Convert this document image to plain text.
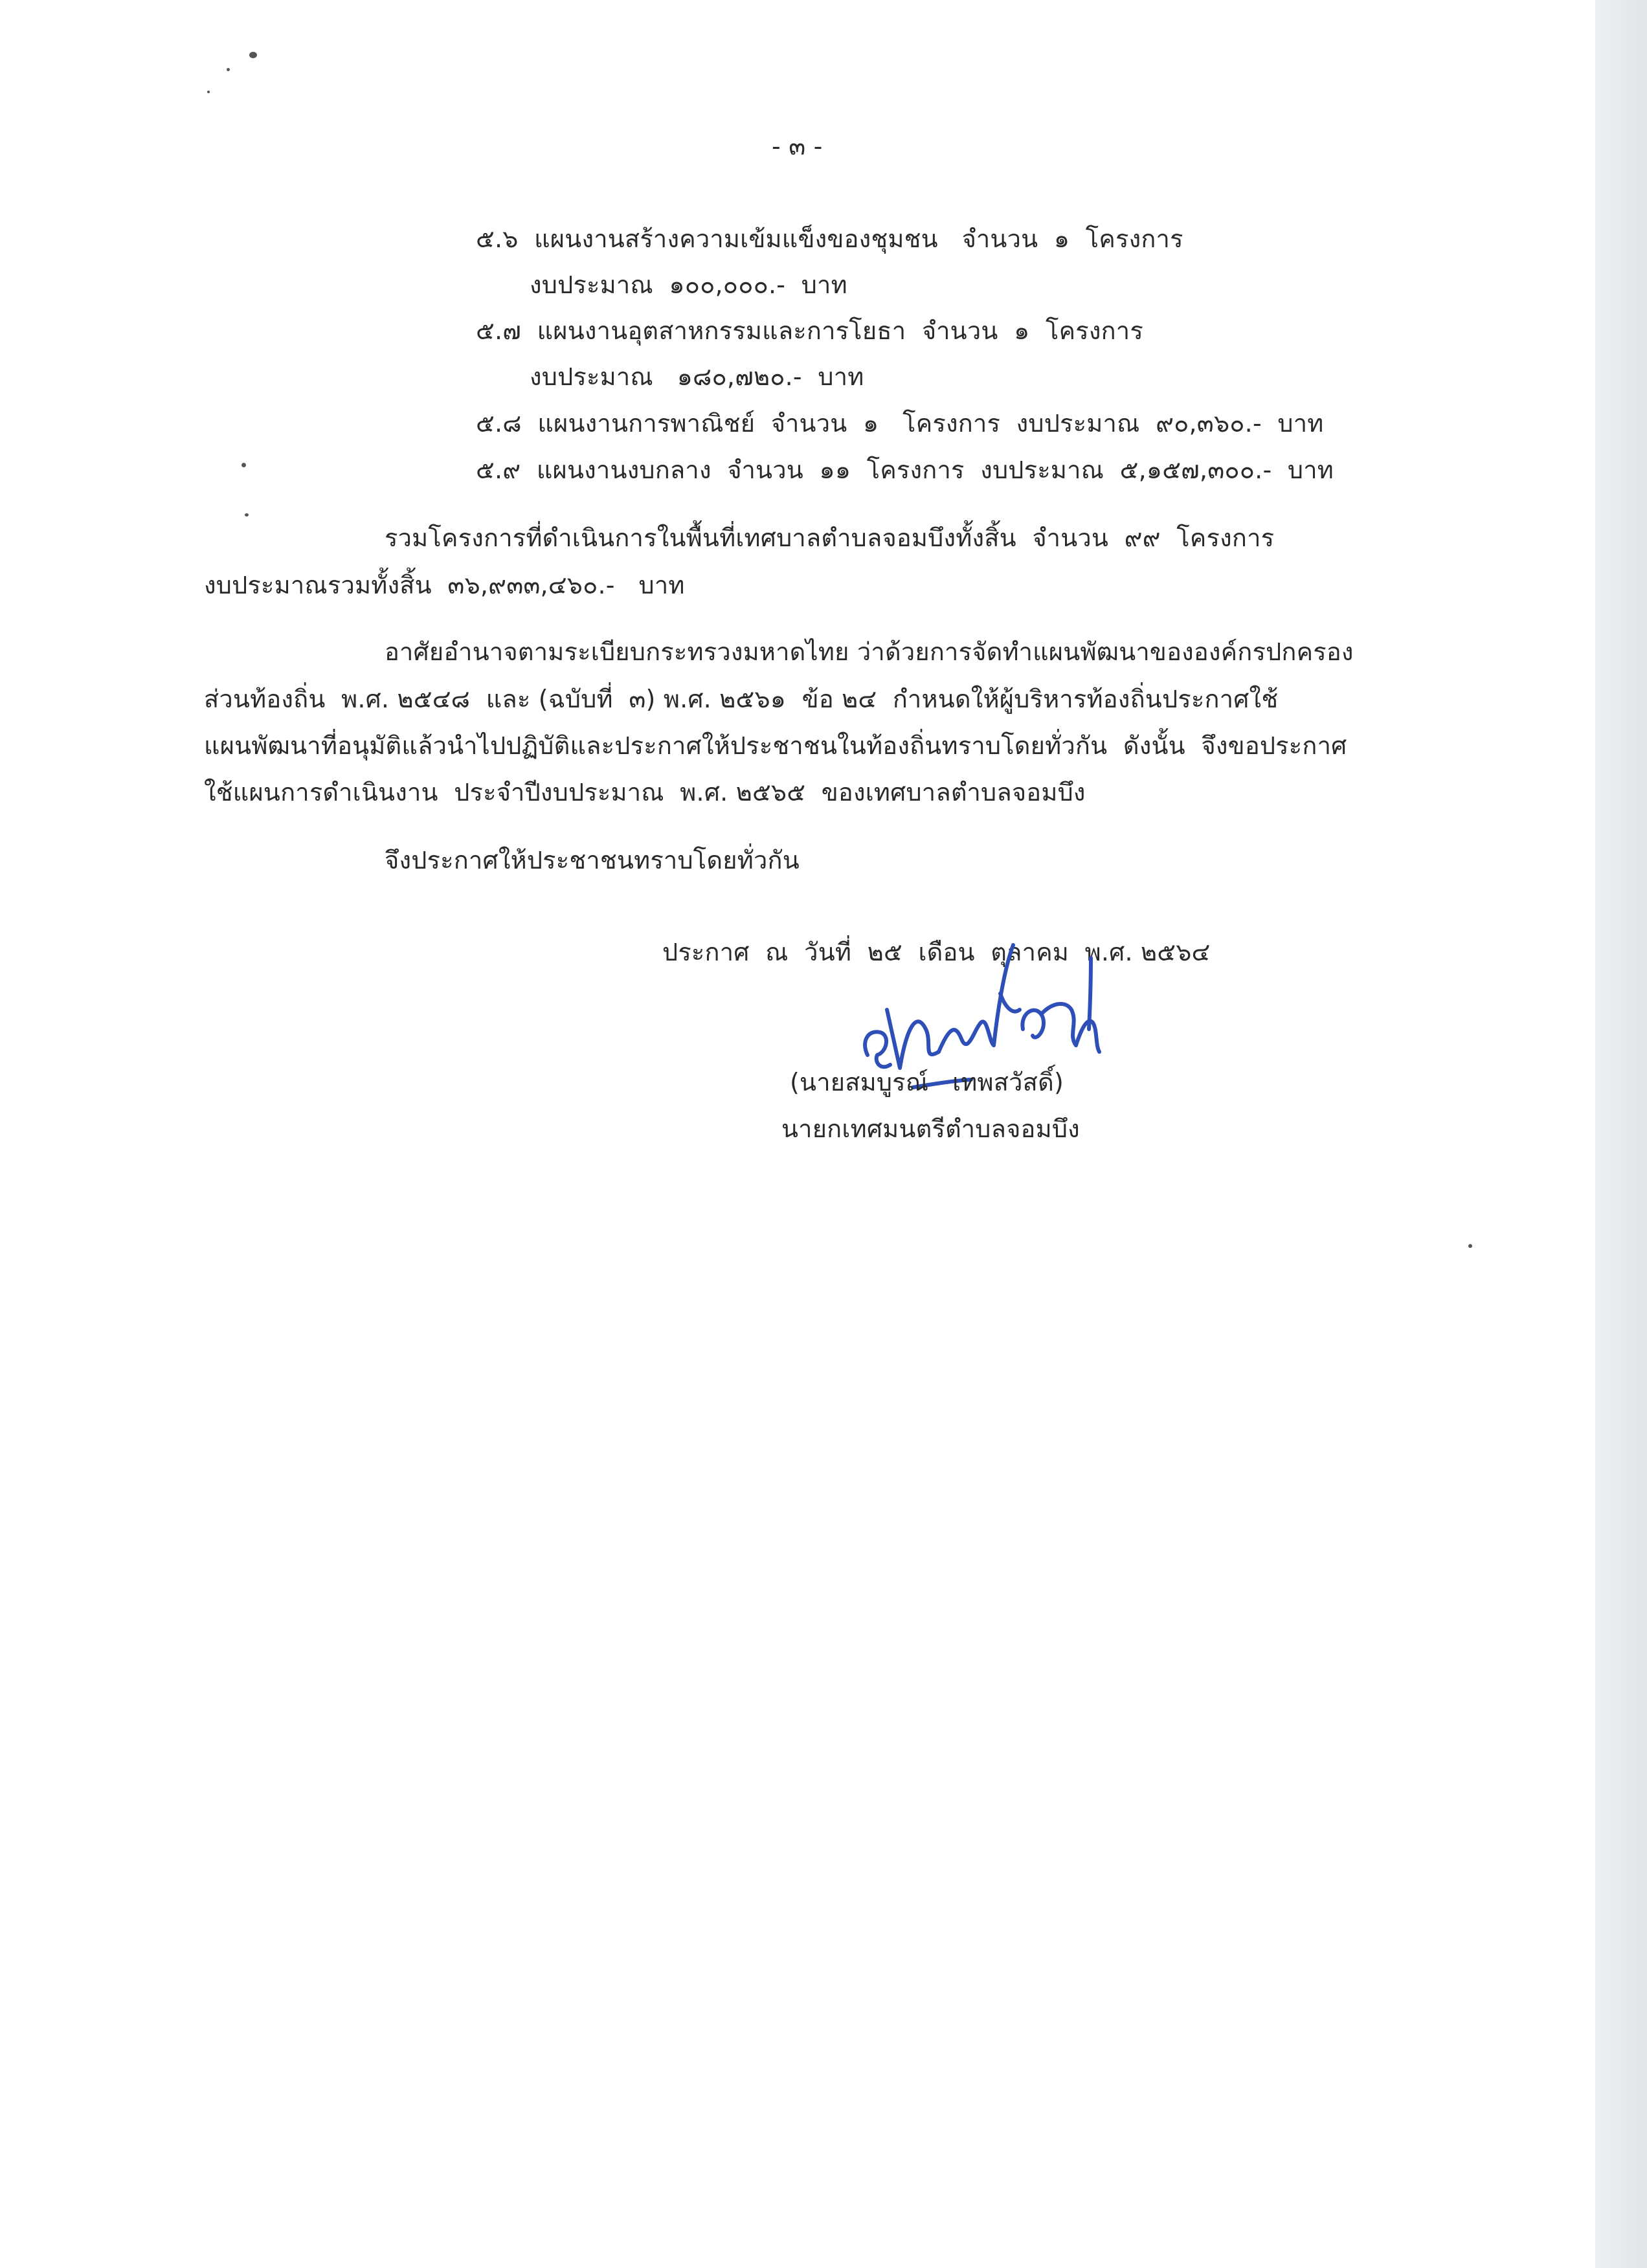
- ๓ -
๕.๖  แผนงานสร้างความเข้มแข็งของชุมชน   จำนวน  ๑  โครงการ
งบประมาณ  ๑๐๐,๐๐๐.-  บาท
๕.๗  แผนงานอุตสาหกรรมและการโยธา  จำนวน  ๑  โครงการ
งบประมาณ   ๑๘๐,๗๒๐.-  บาท
๕.๘  แผนงานการพาณิชย์  จำนวน  ๑   โครงการ  งบประมาณ  ๙๐,๓๖๐.-  บาท
๕.๙  แผนงานงบกลาง  จำนวน  ๑๑  โครงการ  งบประมาณ  ๕,๑๕๗,๓๐๐.-  บาท
รวมโครงการที่ดำเนินการในพื้นที่เทศบาลตำบลจอมบึงทั้งสิ้น  จำนวน  ๙๙  โครงการ
งบประมาณรวมทั้งสิ้น  ๓๖,๙๓๓,๔๖๐.-   บาท
อาศัยอำนาจตามระเบียบกระทรวงมหาดไทย ว่าด้วยการจัดทำแผนพัฒนาขององค์กรปกครอง
ส่วนท้องถิ่น  พ.ศ. ๒๕๔๘  และ (ฉบับที่  ๓) พ.ศ. ๒๕๖๑  ข้อ ๒๔  กำหนดให้ผู้บริหารท้องถิ่นประกาศใช้
แผนพัฒนาที่อนุมัติแล้วนำไปปฏิบัติและประกาศให้ประชาชนในท้องถิ่นทราบโดยทั่วกัน  ดังนั้น  จึงขอประกาศ
ใช้แผนการดำเนินงาน  ประจำปีงบประมาณ  พ.ศ. ๒๕๖๕  ของเทศบาลตำบลจอมบึง
จึงประกาศให้ประชาชนทราบโดยทั่วกัน
ประกาศ  ณ  วันที่  ๒๕  เดือน  ตุลาคม  พ.ศ. ๒๕๖๔
(นายสมบูรณ์   เทพสวัสดิ์)
นายกเทศมนตรีตำบลจอมบึง
